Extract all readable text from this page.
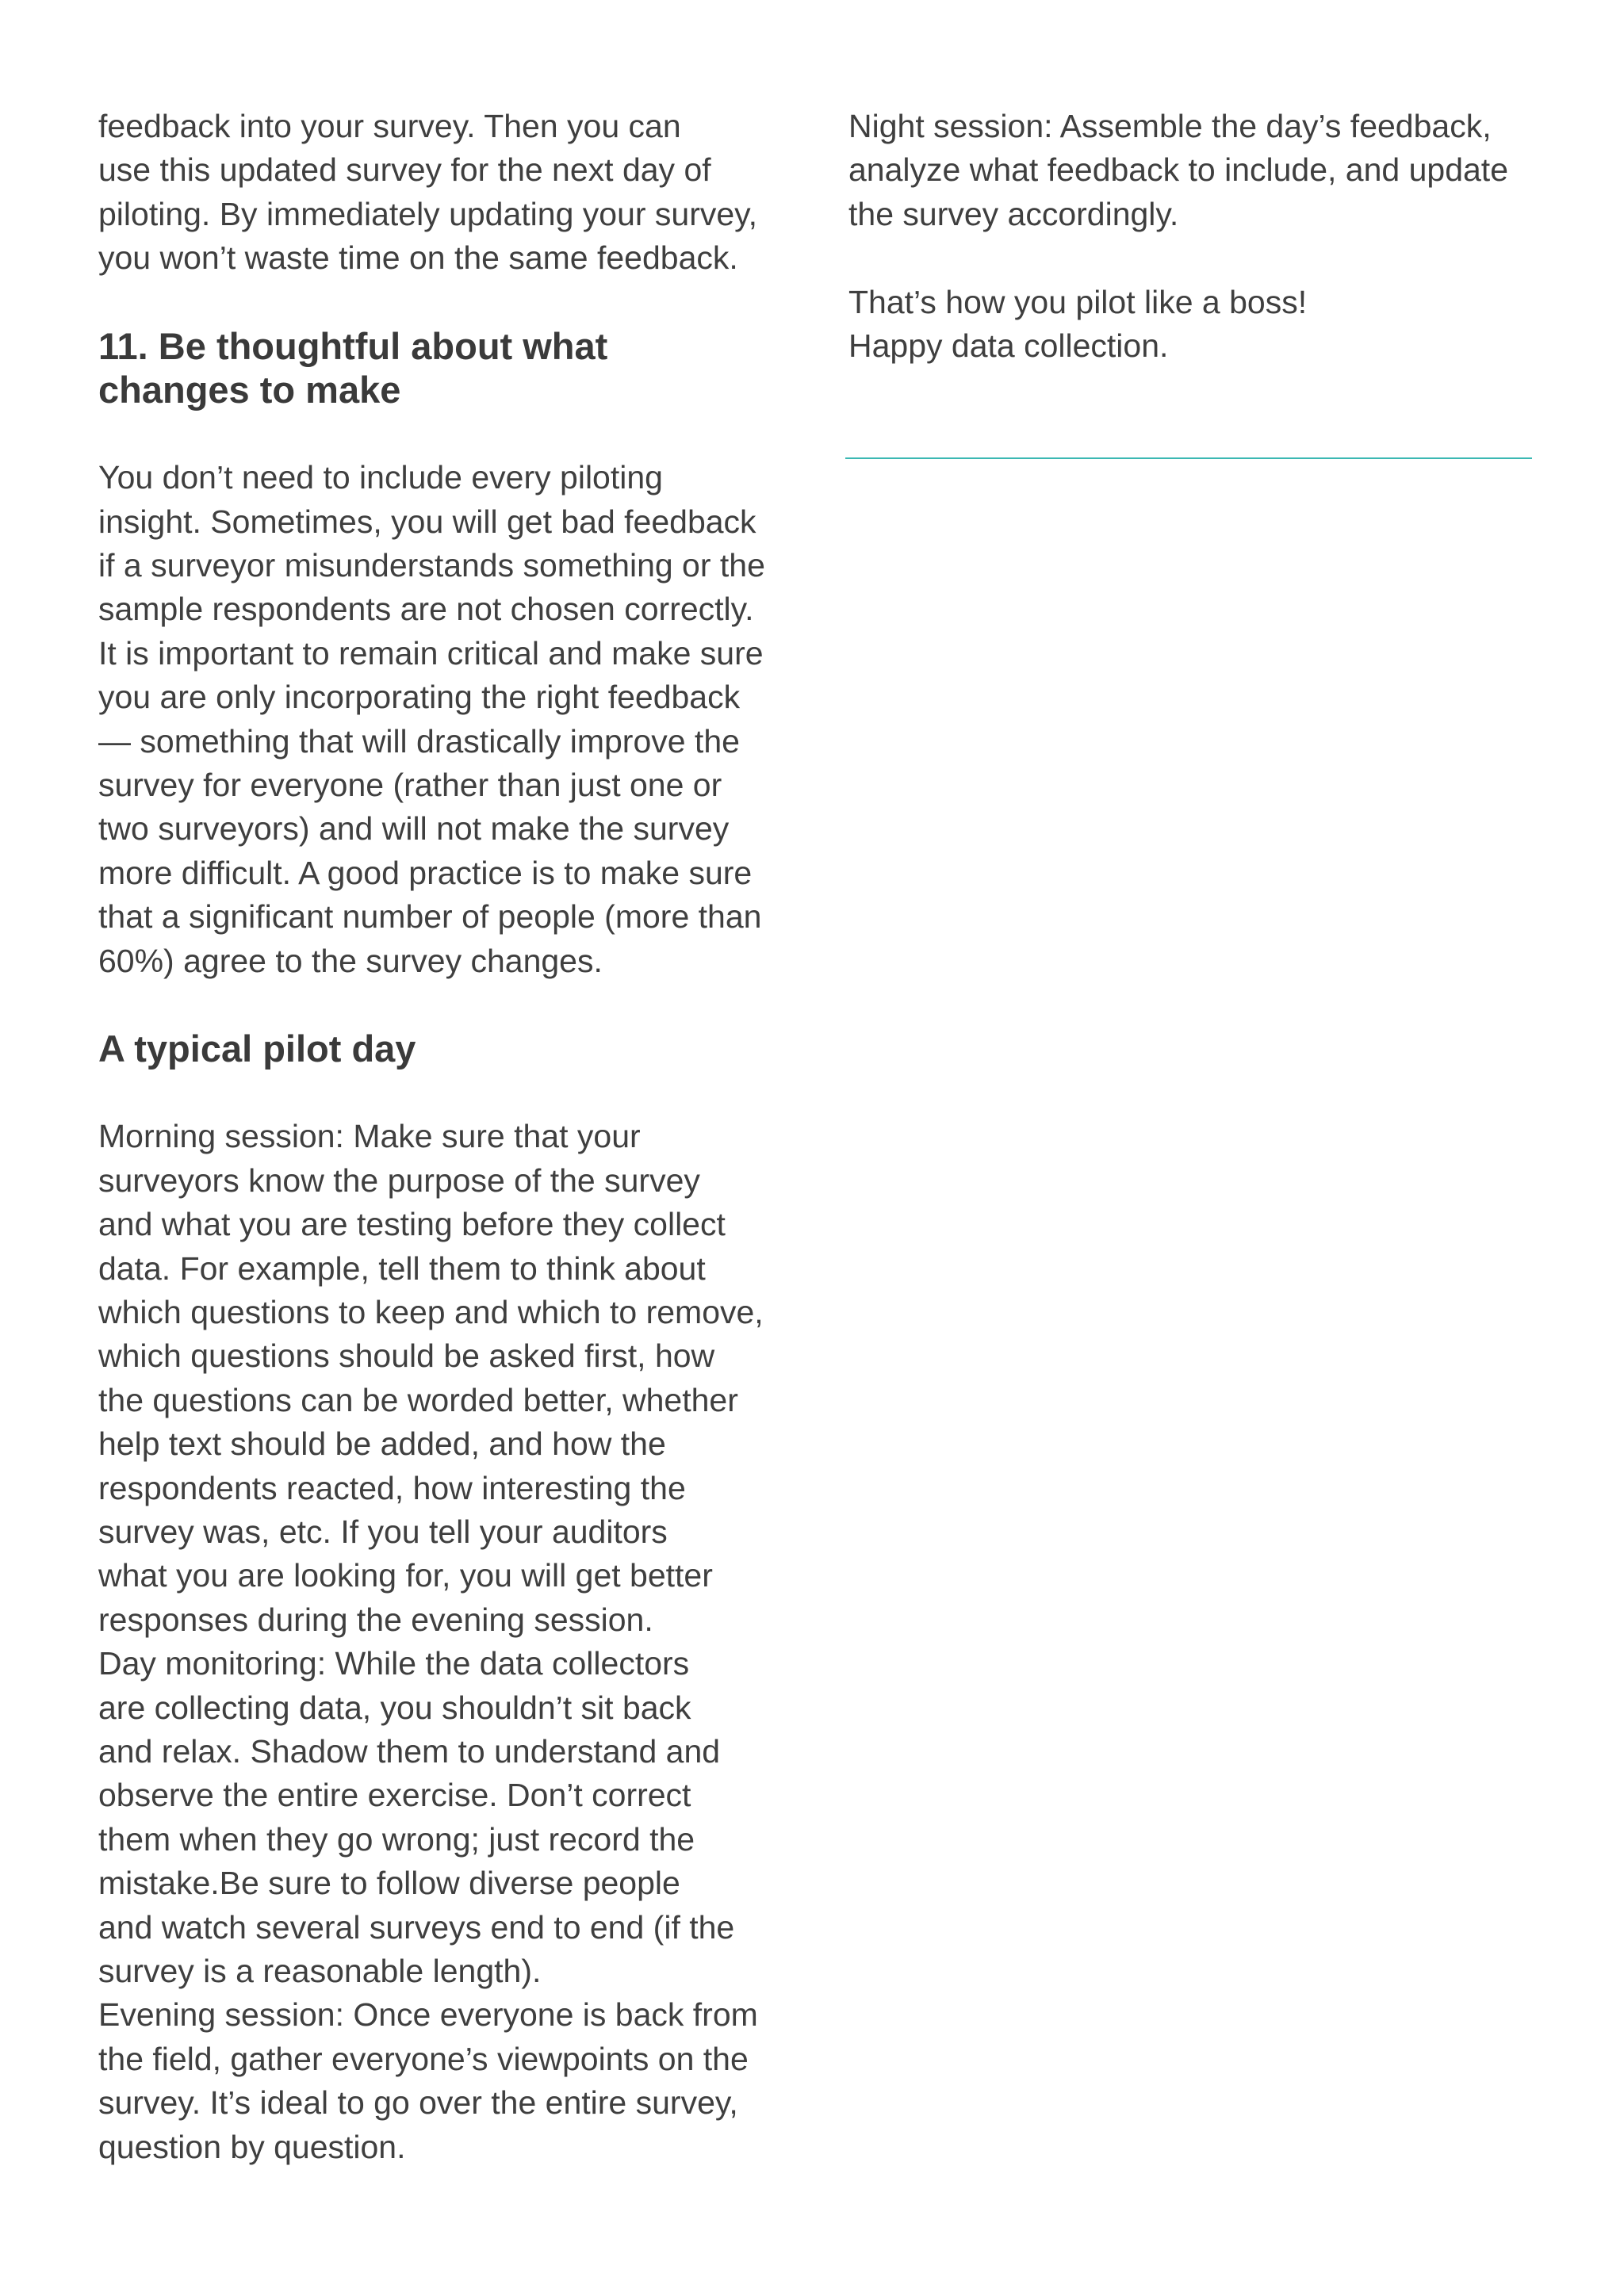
feedback into your survey. Then you can
use this updated survey for the next day of
piloting. By immediately updating your survey,
you won’t waste time on the same feedback.
11. Be thoughtful about what
changes to make
You don’t need to include every piloting
insight. Sometimes, you will get bad feedback
if a surveyor misunderstands something or the
sample respondents are not chosen correctly.
It is important to remain critical and make sure
you are only incorporating the right feedback
— something that will drastically improve the
survey for everyone (rather than just one or
two surveyors) and will not make the survey
more difficult. A good practice is to make sure
that a significant number of people (more than
60%) agree to the survey changes.
A typical pilot day
Morning session: Make sure that your
surveyors know the purpose of the survey
and what you are testing before they collect
data. For example, tell them to think about
which questions to keep and which to remove,
which questions should be asked first, how
the questions can be worded better, whether
help text should be added, and how the
respondents reacted, how interesting the
survey was, etc. If you tell your auditors
what you are looking for, you will get better
responses during the evening session.
Day monitoring: While the data collectors
are collecting data, you shouldn’t sit back
and relax. Shadow them to understand and
observe the entire exercise. Don’t correct
them when they go wrong; just record the
mistake.Be sure to follow diverse people
and watch several surveys end to end (if the
survey is a reasonable length).
Evening session: Once everyone is back from
the field, gather everyone’s viewpoints on the
survey. It’s ideal to go over the entire survey,
question by question.
Night session: Assemble the day’s feedback,
analyze what feedback to include, and update
the survey accordingly.
That’s how you pilot like a boss!
Happy data collection.
